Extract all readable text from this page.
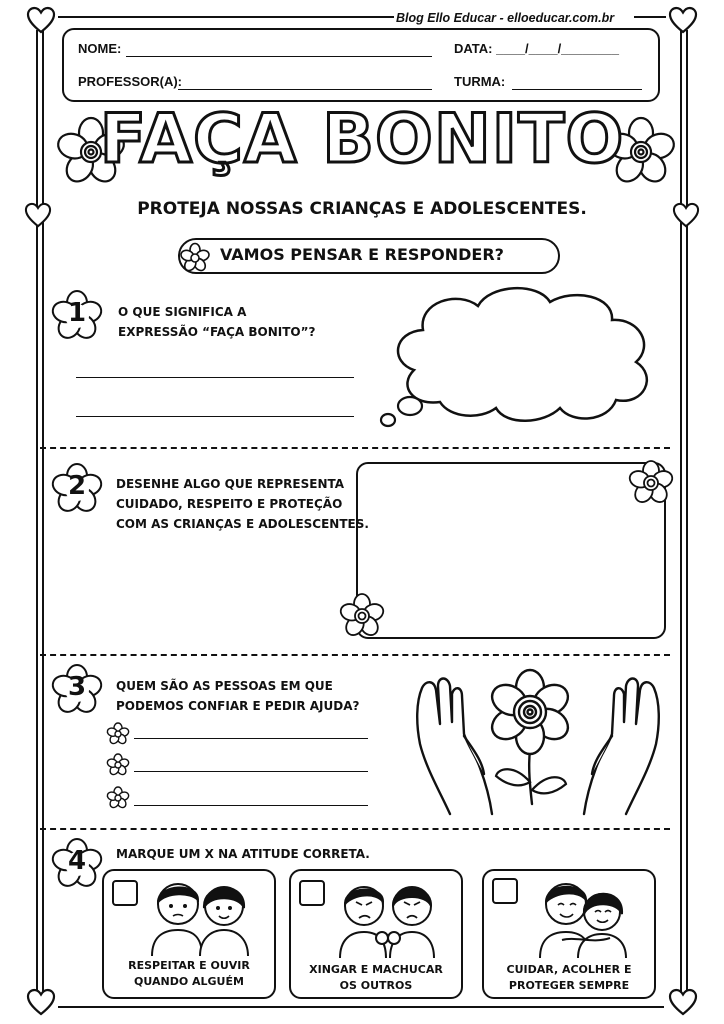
Blog Ello Educar - elloeducar.com.br
NOME:	DATA: ____/____/________
PROFESSOR(A):	TURMA:
FAÇA BONITO
PROTEJA NOSSAS CRIANÇAS E ADOLESCENTES.
VAMOS PENSAR E RESPONDER?
1	O QUE SIGNIFICA A
EXPRESSÃO “FAÇA BONITO”?
2	DESENHE ALGO QUE REPRESENTA
CUIDADO, RESPEITO E PROTEÇÃO
COM AS CRIANÇAS E ADOLESCENTES.
3	QUEM SÃO AS PESSOAS EM QUE
PODEMOS CONFIAR E PEDIR AJUDA?
4	MARQUE UM X NA ATITUDE CORRETA.
RESPEITAR E OUVIR
QUANDO ALGUÉM
XINGAR E MACHUCAR
OS OUTROS
CUIDAR, ACOLHER E
PROTEGER SEMPRE
